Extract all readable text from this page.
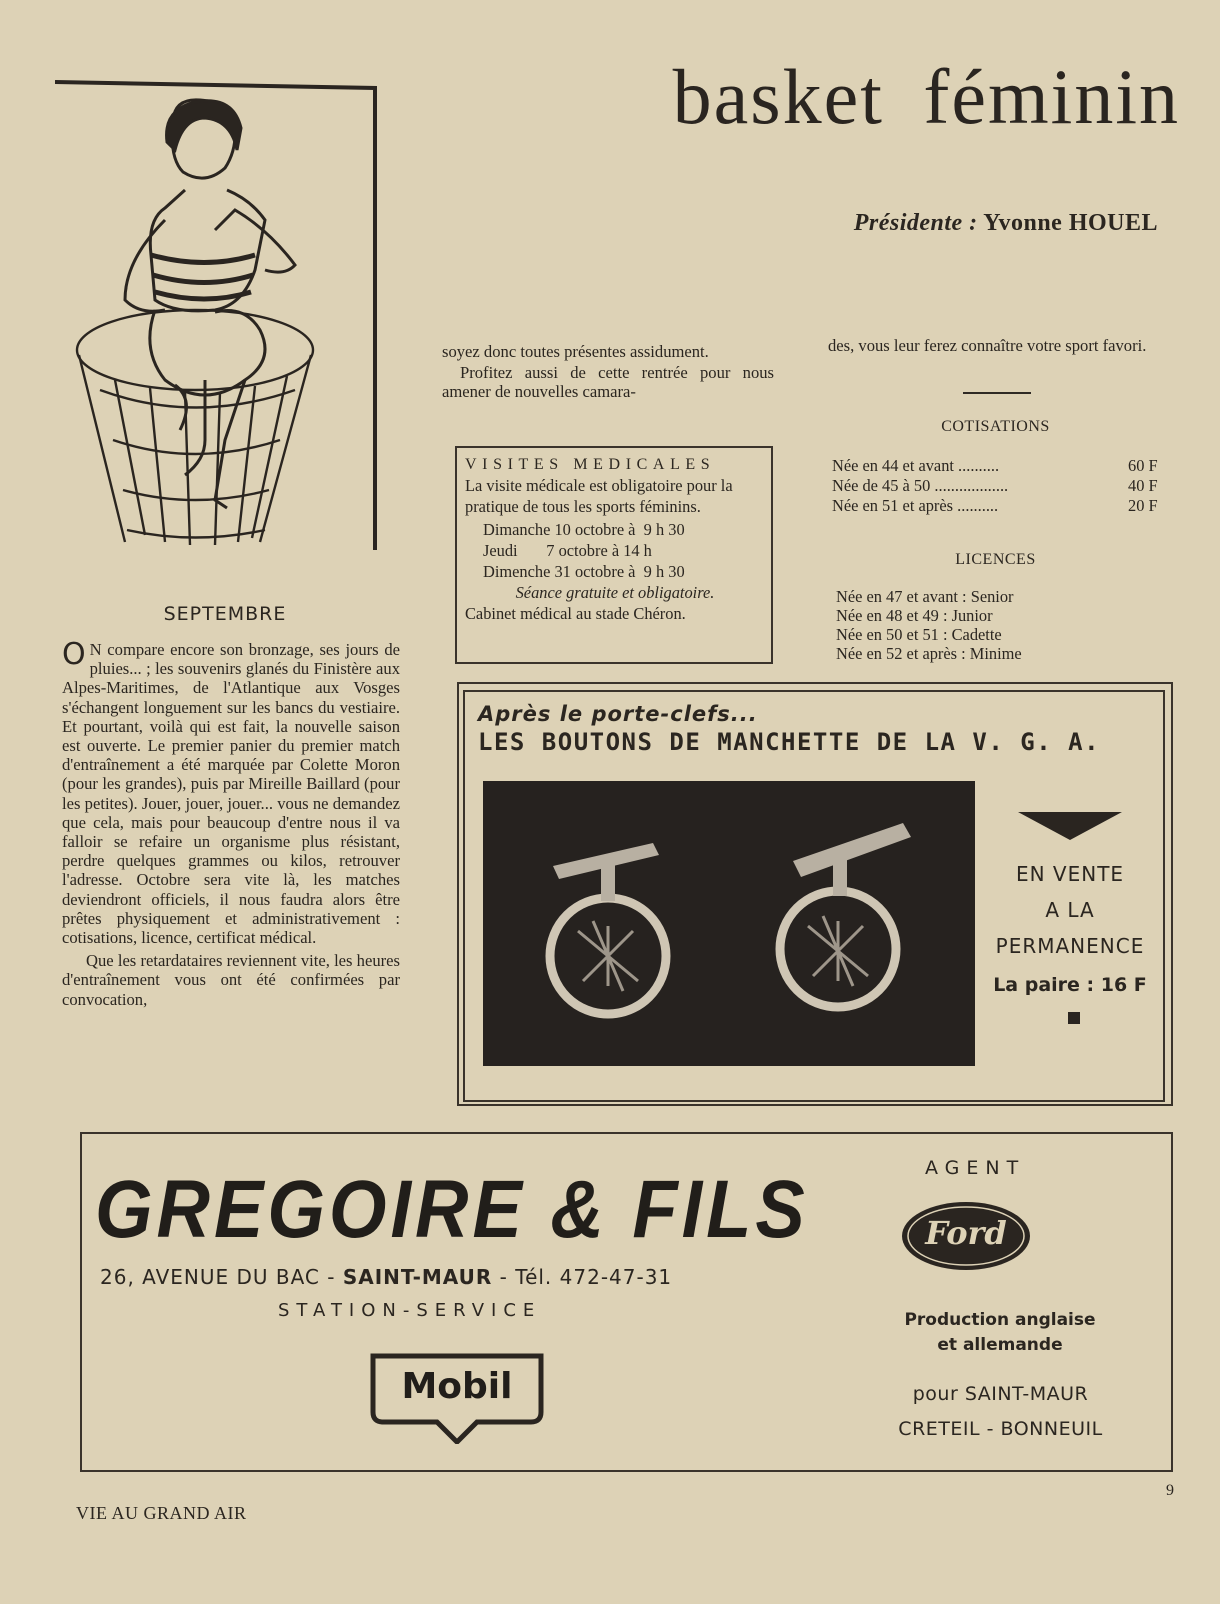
basket féminin
Présidente : Yvonne HOUEL
SEPTEMBRE

O N compare encore son bronzage, ses jours de pluies... ; les souvenirs glanés du Finistère aux Alpes-Maritimes, de l'Atlantique aux Vosges s'échangent longuement sur les bancs du vestiaire. Et pourtant, voilà qui est fait, la nouvelle saison est ouverte. Le premier panier du premier match d'entraînement a été marquée par Colette Moron (pour les grandes), puis par Mireille Baillard (pour les petites). Jouer, jouer, jouer... vous ne demandez que cela, mais pour beaucoup d'entre nous il va falloir se refaire un organisme plus résistant, perdre quelques grammes ou kilos, retrouver l'adresse. Octobre sera vite là, les matches deviendront officiels, il nous faudra alors être prêtes physiquement et administrativement : cotisations, licence, certificat médical.

Que les retardataires reviennent vite, les heures d'entraînement vous ont été confirmées par convocation,

soyez donc toutes présentes assidument.

Profitez aussi de cette rentrée pour nous amener de nouvelles camara-

VISITES MEDICALES
La visite médicale est obligatoire pour la pratique de tous les sports féminins.
Dimanche 10 octobre à  9 h 30
Jeudi       7 octobre à 14 h
Dimenche 31 octobre à  9 h 30
Séance gratuite et obligatoire.
Cabinet médical au stade Chéron.
des, vous leur ferez connaître votre sport favori.
COTISATIONS
Née en 44 et avant ..........	60 F
Née de 45 à 50 ..................	40 F
Née en 51 et après ..........	20 F
LICENCES
Née en 47 et avant : Senior
Née en 48 et 49 : Junior
Née en 50 et 51 : Cadette
Née en 52 et après : Minime
Après le porte-clefs...
LES BOUTONS DE MANCHETTE DE LA V. G. A.
EN VENTE
A LA
PERMANENCE
La paire : 16 F
GREGOIRE & FILS
26, AVENUE DU BAC - SAINT-MAUR - Tél. 472-47-31
STATION-SERVICE
Mobil
AGENT
Ford
Production anglaise
et allemande
pour SAINT-MAUR
CRETEIL - BONNEUIL
VIE AU GRAND AIR
9
